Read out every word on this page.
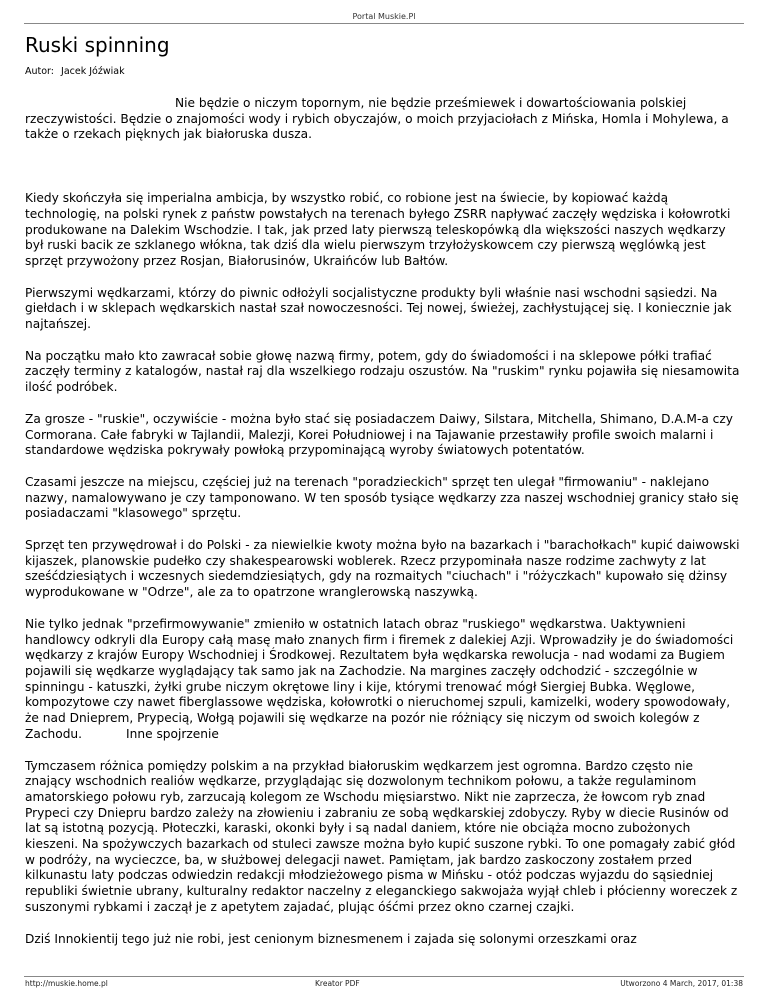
Portal Muskie.Pl
Ruski spinning
Autor: Jacek Jóźwiak

Nie będzie o niczym topornym, nie będzie prześmiewek i dowartościowania polskiej rzeczywistości. Będzie o znajomości wody i rybich obyczajów, o moich przyjaciołach z Mińska, Homla i Mohylewa, a także o rzekach pięknych jak białoruska dusza.

Kiedy skończyła się imperialna ambicja, by wszystko robić, co robione jest na świecie, by kopiować każdą technologię, na polski rynek z państw powstałych na terenach byłego ZSRR napływać zaczęły wędziska i kołowrotki produkowane na Dalekim Wschodzie. I tak, jak przed laty pierwszą teleskopówką dla większości naszych wędkarzy był ruski bacik ze szklanego włókna, tak dziś dla wielu pierwszym trzyłożyskowcem czy pierwszą węglówką jest sprzęt przywożony przez Rosjan, Białorusinów, Ukraińców lub Bałtów.

Pierwszymi wędkarzami, którzy do piwnic odłożyli socjalistyczne produkty byli właśnie nasi wschodni sąsiedzi. Na giełdach i w sklepach wędkarskich nastał szał nowoczesności. Tej nowej, świeżej, zachłystującej się. I koniecznie jak najtańszej.

Na początku mało kto zawracał sobie głowę nazwą firmy, potem, gdy do świadomości i na sklepowe półki trafiać zaczęły terminy z katalogów, nastał raj dla wszelkiego rodzaju oszustów. Na "ruskim" rynku pojawiła się niesamowita ilość podróbek.

Za grosze - "ruskie", oczywiście - można było stać się posiadaczem Daiwy, Silstara, Mitchella, Shimano, D.A.M-a czy Cormorana. Całe fabryki w Tajlandii, Malezji, Korei Południowej i na Tajawanie przestawiły profile swoich malarni i standardowe wędziska pokrywały powłoką przypominającą wyroby światowych potentatów.

Czasami jeszcze na miejscu, częściej już na terenach "poradzieckich" sprzęt ten ulegał "firmowaniu" - naklejano nazwy, namalowywano je czy tamponowano. W ten sposób tysiące wędkarzy zza naszej wschodniej granicy stało się posiadaczami "klasowego" sprzętu.

Sprzęt ten przywędrował i do Polski - za niewielkie kwoty można było na bazarkach i "barachołkach" kupić daiwowski kijaszek, planowskie pudełko czy shakespearowski woblerek. Rzecz przypominała nasze rodzime zachwyty z lat sześćdziesiątych i wczesnych siedemdziesiątych, gdy na rozmaitych "ciuchach" i "różyczkach" kupowało się dżinsy wyprodukowane w "Odrze", ale za to opatrzone wranglerowską naszywką.

Nie tylko jednak "przefirmowywanie" zmieniło w ostatnich latach obraz "ruskiego" wędkarstwa. Uaktywnieni handlowcy odkryli dla Europy całą masę mało znanych firm i firemek z dalekiej Azji. Wprowadziły je do świadomości wędkarzy z krajów Europy Wschodniej i Środkowej. Rezultatem była wędkarska rewolucja - nad wodami za Bugiem pojawili się wędkarze wyglądający tak samo jak na Zachodzie. Na margines zaczęły odchodzić - szczególnie w spinningu - katuszki, żyłki grube niczym okrętowe liny i kije, którymi trenować mógł Siergiej Bubka. Węglowe, kompozytowe czy nawet fiberglassowe wędziska, kołowrotki o nieruchomej szpuli, kamizelki, wodery spowodowały, że nad Dnieprem, Prypecią, Wołgą pojawili się wędkarze na pozór nie różniący się niczym od swoich kolegów z Zachodu.	Inne spojrzenie

Tymczasem różnica pomiędzy polskim a na przykład białoruskim wędkarzem jest ogromna. Bardzo często nie znający wschodnich realiów wędkarze, przyglądając się dozwolonym technikom połowu, a także regulaminom amatorskiego połowu ryb, zarzucają kolegom ze Wschodu mięsiarstwo. Nikt nie zaprzecza, że łowcom ryb znad Prypeci czy Dniepru bardzo zależy na złowieniu i zabraniu ze sobą wędkarskiej zdobyczy. Ryby w diecie Rusinów od lat są istotną pozycją. Płoteczki, karaski, okonki były i są nadal daniem, które nie obciąża mocno zubożonych kieszeni. Na spożywczych bazarkach od stuleci zawsze można było kupić suszone rybki. To one pomagały zabić głód w podróży, na wycieczce, ba, w służbowej delegacji nawet. Pamiętam, jak bardzo zaskoczony zostałem przed kilkunastu laty podczas odwiedzin redakcji młodzieżowego pisma w Mińsku - otóż podczas wyjazdu do sąsiedniej republiki świetnie ubrany, kulturalny redaktor naczelny z eleganckiego sakwojaża wyjął chleb i płócienny woreczek z suszonymi rybkami i zaczął je z apetytem zajadać, plując óśćmi przez okno czarnej czajki.

Dziś Innokientij tego już nie robi, jest cenionym biznesmenem i zajada się solonymi orzeszkami oraz

http://muskie.home.pl	Kreator PDF	Utworzono 4 March, 2017, 01:38
